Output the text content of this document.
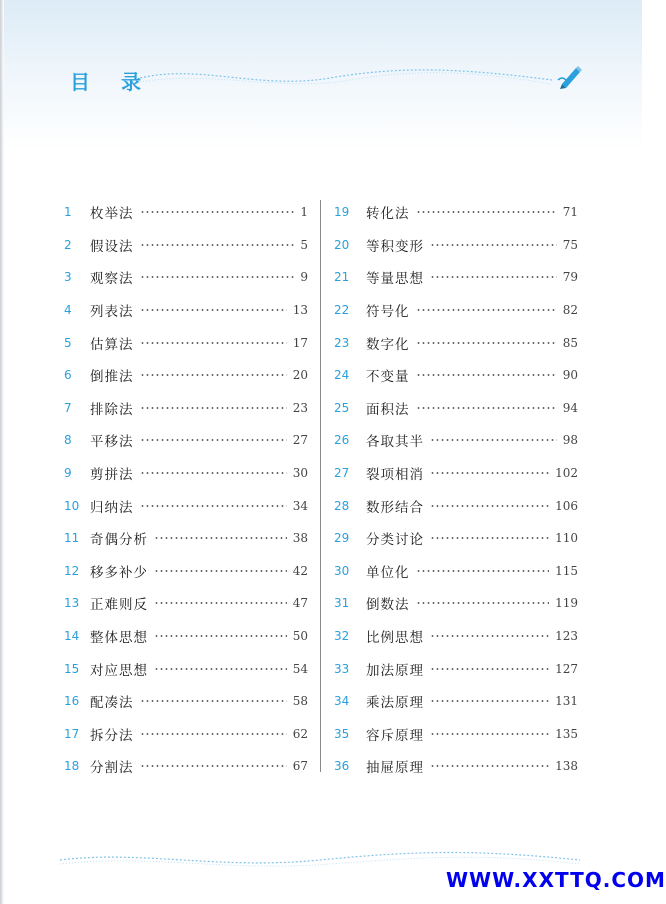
目 录
1	枚举法	1
2	假设法	5
3	观察法	9
4	列表法	13
5	估算法	17
6	倒推法	20
7	排除法	23
8	平移法	27
9	剪拼法	30
10 归纳法	34
11 奇偶分析	38
12 移多补少	42
13 正难则反	47
14 整体思想	50
15 对应思想	54
16 配凑法	58
17 拆分法	62
18 分割法	67
19	转化法	71
20	等积变形	75
21	等量思想	79
22	符号化	82
23	数字化	85
24	不变量	90
25	面积法	94
26	各取其半	98
27	裂项相消	102
28	数形结合	106
29	分类讨论	110
30	单位化	115
31	倒数法	119
32	比例思想	123
33	加法原理	127
34	乘法原理	131
35	容斥原理	135
36	抽屉原理	138
WWW.XXTTQ.COM
